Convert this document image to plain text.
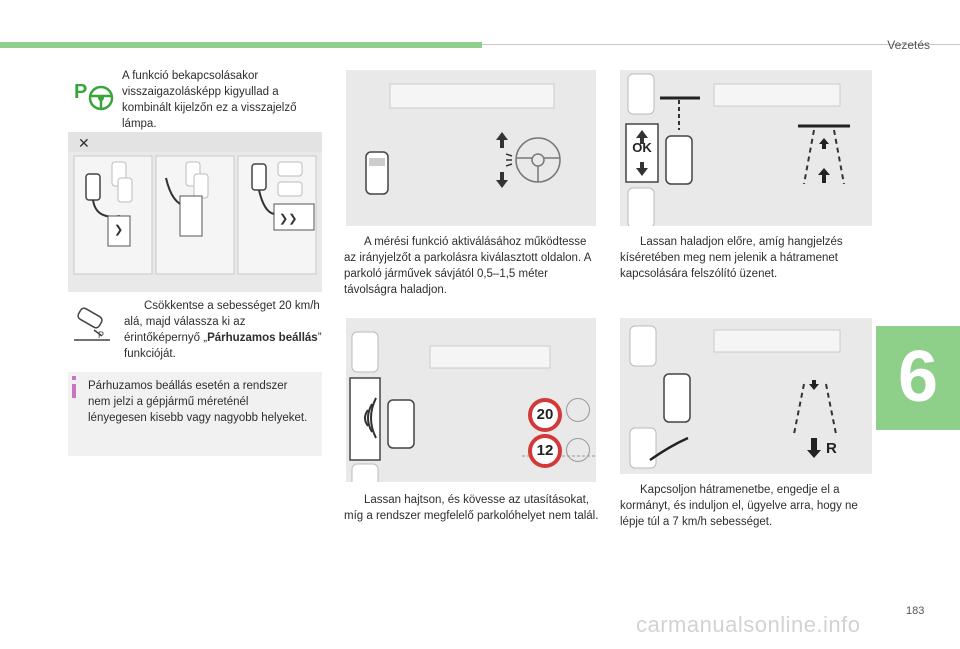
Vezetés
6
P
A funkció bekapcsolásakor visszaigazolásképp kigyullad a kombinált kijelzőn ez a visszajelző lámpa.
✕
❯
❯❯
P
Csökkentse a sebességet 20 km/h alá, majd válassza ki az érintőképernyő „Párhuzamos beállás” funkcióját.
Párhuzamos beállás esetén a rendszer nem jelzi a gépjármű méreténél lényegesen kisebb vagy nagyobb helyeket.
A mérési funkció aktiválásához működtesse az irányjelzőt a parkolásra kiválasztott oldalon. A parkoló járművek sávjától 0,5–1,5 méter távolságra haladjon.
20
12
Lassan hajtson, és kövesse az utasításokat, míg a rendszer megfelelő parkolóhelyet nem talál.
OK
Lassan haladjon előre, amíg hangjelzés kíséretében meg nem jelenik a hátramenet kapcsolására felszólító üzenet.
R
Kapcsoljon hátramenetbe, engedje el a kormányt, és induljon el, ügyelve arra, hogy ne lépje túl a 7 km/h sebességet.
183
carmanualsonline.info
